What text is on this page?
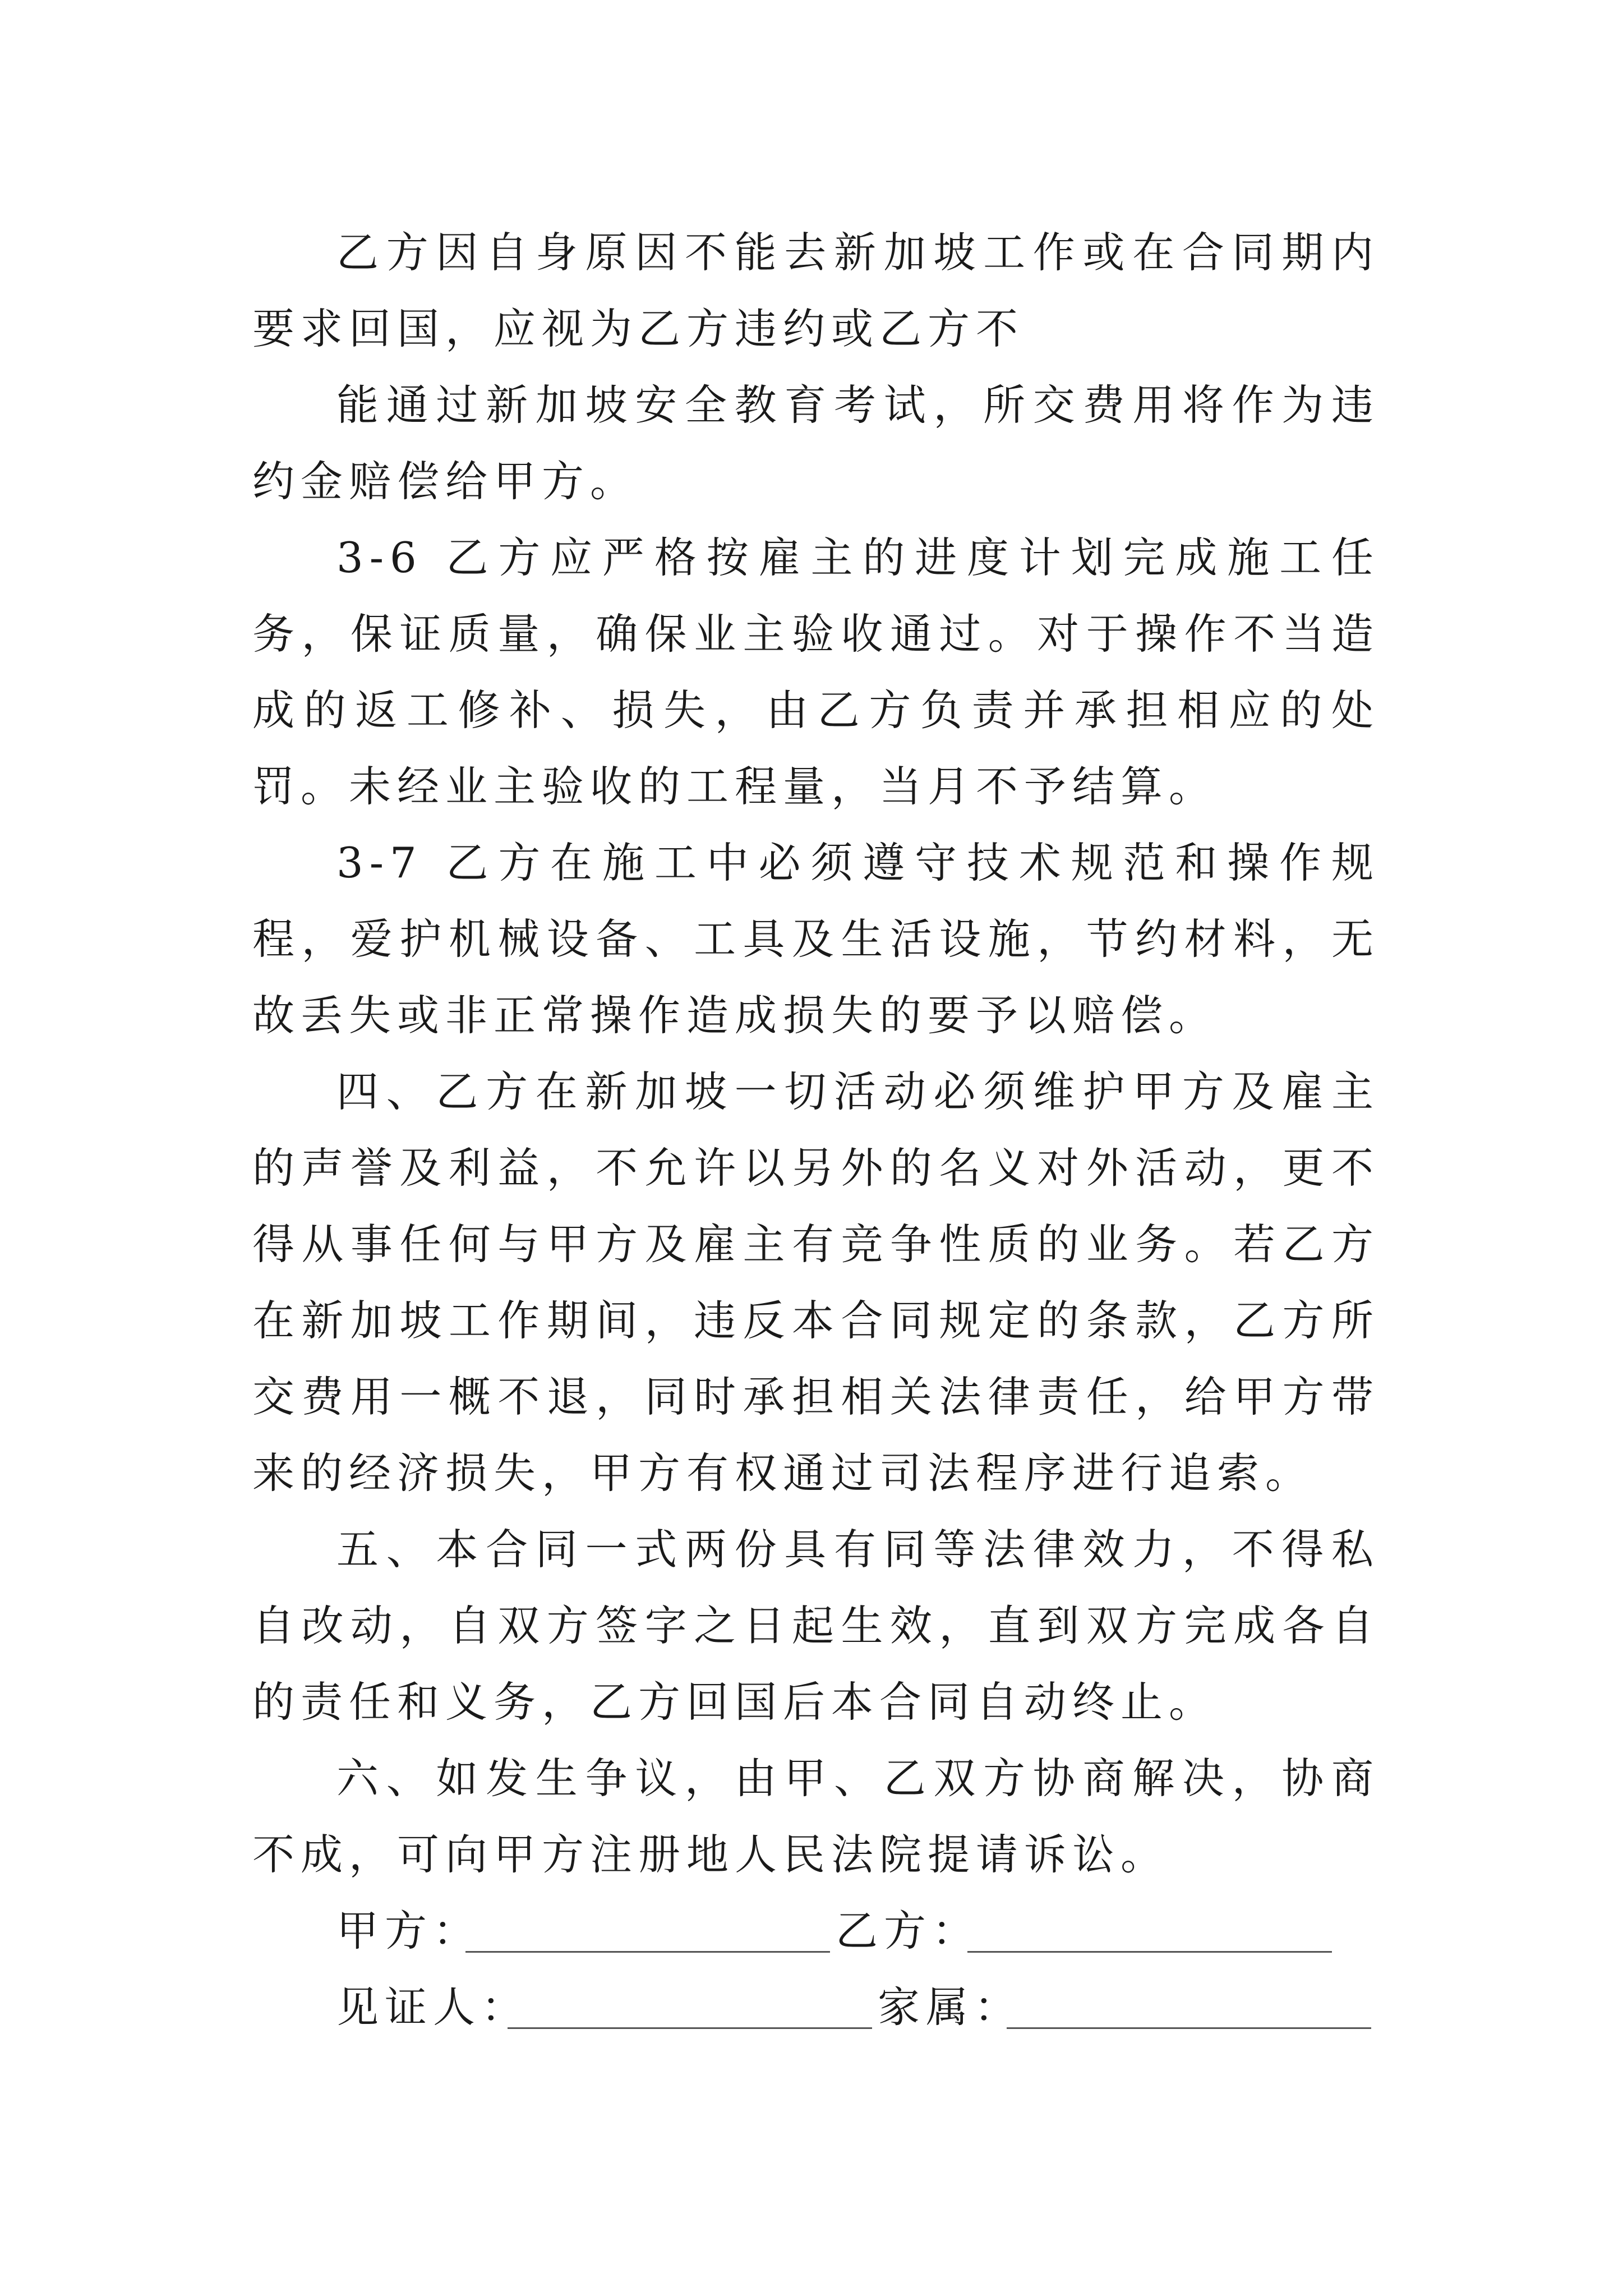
乙方因自身原因不能去新加坡工作或在合同期内要求回国，应视为乙方违约或乙方不

能通过新加坡安全教育考试，所交费用将作为违约金赔偿给甲方。

3-6 乙方应严格按雇主的进度计划完成施工任务，保证质量，确保业主验收通过。对于操作不当造成的返工修补、损失，由乙方负责并承担相应的处罚。未经业主验收的工程量，当月不予结算。

3-7 乙方在施工中必须遵守技术规范和操作规程，爱护机械设备、工具及生活设施，节约材料，无故丢失或非正常操作造成损失的要予以赔偿。

四、乙方在新加坡一切活动必须维护甲方及雇主的声誉及利益，不允许以另外的名义对外活动，更不得从事任何与甲方及雇主有竞争性质的业务。若乙方在新加坡工作期间，违反本合同规定的条款，乙方所交费用一概不退，同时承担相关法律责任，给甲方带来的经济损失，甲方有权通过司法程序进行追索。

五、本合同一式两份具有同等法律效力，不得私自改动，自双方签字之日起生效，直到双方完成各自的责任和义务，乙方回国后本合同自动终止。

六、如发生争议，由甲、乙双方协商解决，协商不成，可向甲方注册地人民法院提请诉讼。

甲方：	乙方：
见证人：	家属：
